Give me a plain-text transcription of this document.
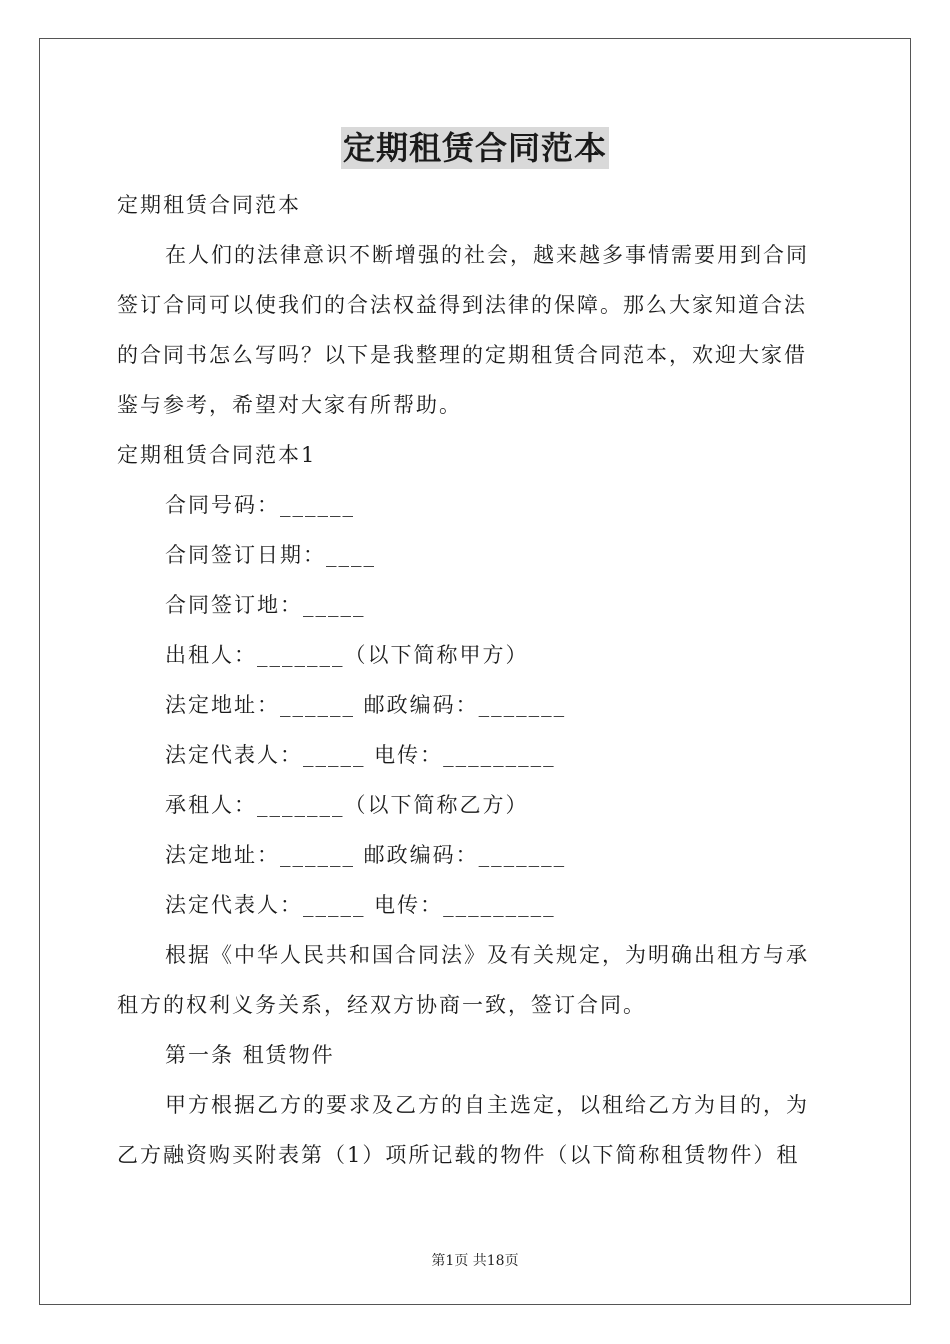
定期租赁合同范本

定期租赁合同范本

在人们的法律意识不断增强的社会，越来越多事情需要用到合同

签订合同可以使我们的合法权益得到法律的保障。那么大家知道合法

的合同书怎么写吗？以下是我整理的定期租赁合同范本，欢迎大家借

鉴与参考，希望对大家有所帮助。

定期租赁合同范本1

合同号码：______

合同签订日期：____

合同签订地：_____

出租人：_______（以下简称甲方）

法定地址：______ 邮政编码：_______

法定代表人：_____ 电传：_________

承租人：_______（以下简称乙方）

法定地址：______ 邮政编码：_______

法定代表人：_____ 电传：_________

根据《中华人民共和国合同法》及有关规定，为明确出租方与承

租方的权利义务关系，经双方协商一致，签订合同。

第一条 租赁物件

甲方根据乙方的要求及乙方的自主选定，以租给乙方为目的，为

乙方融资购买附表第（1）项所记载的物件（以下简称租赁物件）租

第1页 共18页
